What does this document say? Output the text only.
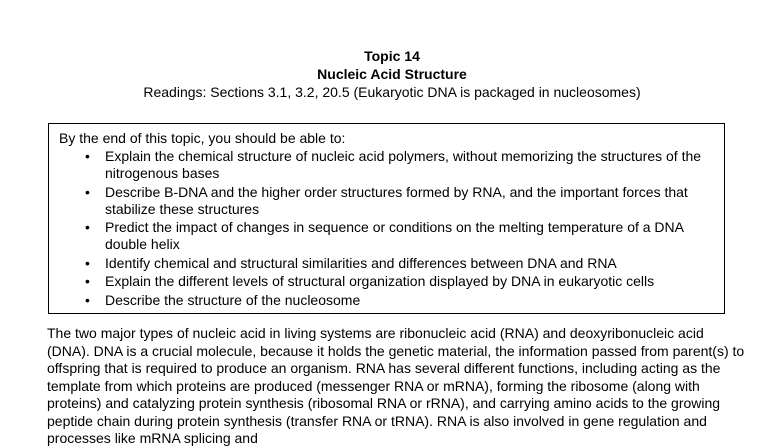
Topic 14

Nucleic Acid Structure

Readings: Sections 3.1, 3.2, 20.5 (Eukaryotic DNA is packaged in nucleosomes)

By the end of this topic, you should be able to:

• Explain the chemical structure of nucleic acid polymers, without memorizing the structures of the nitrogenous bases
• Describe B-DNA and the higher order structures formed by RNA, and the important forces that stabilize these structures
• Predict the impact of changes in sequence or conditions on the melting temperature of a DNA double helix
• Identify chemical and structural similarities and differences between DNA and RNA
• Explain the different levels of structural organization displayed by DNA in eukaryotic cells
• Describe the structure of the nucleosome

The two major types of nucleic acid in living systems are ribonucleic acid (RNA) and deoxyribonucleic acid (DNA). DNA is a crucial molecule, because it holds the genetic material, the information passed from parent(s) to offspring that is required to produce an organism. RNA has several different functions, including acting as the template from which proteins are produced (messenger RNA or mRNA), forming the ribosome (along with proteins) and catalyzing protein synthesis (ribosomal RNA or rRNA), and carrying amino acids to the growing peptide chain during protein synthesis (transfer RNA or tRNA). RNA is also involved in gene regulation and processes like mRNA splicing and
